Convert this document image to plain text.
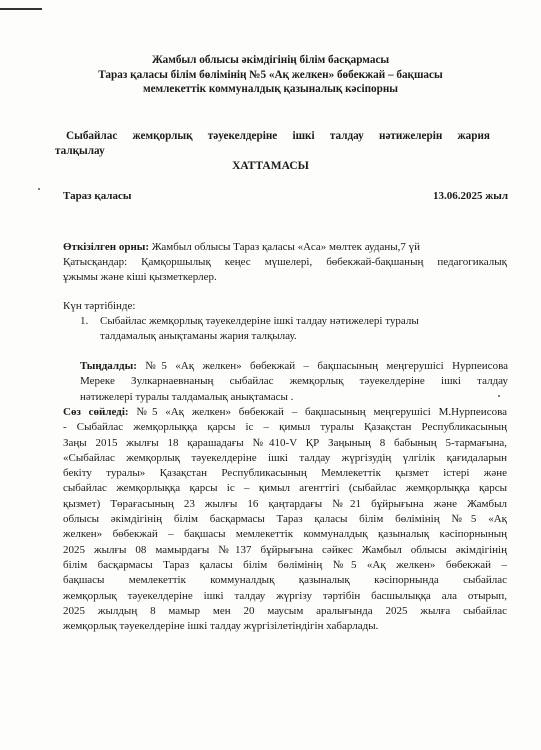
Жамбыл облысы әкімдігінің білім басқармасы
Тараз қаласы білім бөлімінің №5 «Ақ желкен» бөбекжай – бақшасы
мемлекеттік коммуналдық қазыналық кәсіпорны
Сыбайлас жемқорлық тәуекелдеріне ішкі талдау нәтижелерін жария
талқылау
ХАТТАМАСЫ
Тараз қаласы	13.06.2025 жыл
Өткізілген орны: Жамбыл облысы Тараз қаласы «Аса» мөлтек ауданы,7 үй
Қатысқандар: Қамқоршылық кеңес мүшелері, бөбекжай-бақшаның педагогикалық
ұжымы және кіші қызметкерлер.
Күн тәртібінде:
1. Сыбайлас жемқорлық тәуекелдеріне ішкі талдау нәтижелері туралы
талдамалық анықтаманы жария талқылау.
Тыңдалды: №5 «Ақ желкен» бөбекжай – бақшасының меңгерушісі Нурпеисова
Мереке Зулкарнаевнаның сыбайлас жемқорлық тәуекелдеріне ішкі талдау
нәтижелері туралы талдамалық анықтамасы .
Сөз сөйледі: №5 «Ақ желкен» бөбекжай – бақшасының меңгерушісі М.Нурпеисова
- Сыбайлас жемқорлыққа қарсы іс – қимыл туралы Қазақстан Республикасының
Заңы 2015 жылғы 18 қарашадағы №410-V ҚР Заңының 8 бабының 5-тармағына,
«Сыбайлас жемқорлық тәуекелдеріне ішкі талдау жүргізудің үлгілік қағидаларын
бекіту туралы» Қазақстан Республикасының Мемлекеттік қызмет істері және
сыбайлас жемқорлыққа қарсы іс – қимыл агенттігі (сыбайлас жемқорлыққа қарсы
қызмет) Төрағасының 23 жылғы 16 қаңтардағы №21 бұйрығына және Жамбыл
облысы әкімдігінің білім басқармасы Тараз қаласы білім бөлімінің №5 «Ақ
желкен» бөбекжай – бақшасы мемлекеттік коммуналдық қазыналық кәсіпорнының
2025 жылғы 08 мамырдағы №137 бұйрығына сәйкес Жамбыл облысы әкімдігінің
білім басқармасы Тараз қаласы білім бөлімінің №5 «Ақ желкен» бөбекжай –
бақшасы мемлекеттік коммуналдық қазыналық кәсіпорнында сыбайлас
жемқорлық тәуекелдеріне ішкі талдау жүргізу тәртібін басшылыққа ала отырып,
2025 жылдың 8 мамыр мен 20 маусым аралығында 2025 жылға сыбайлас
жемқорлық тәуекелдеріне ішкі талдау жүргізілетіндігін хабарлады.
